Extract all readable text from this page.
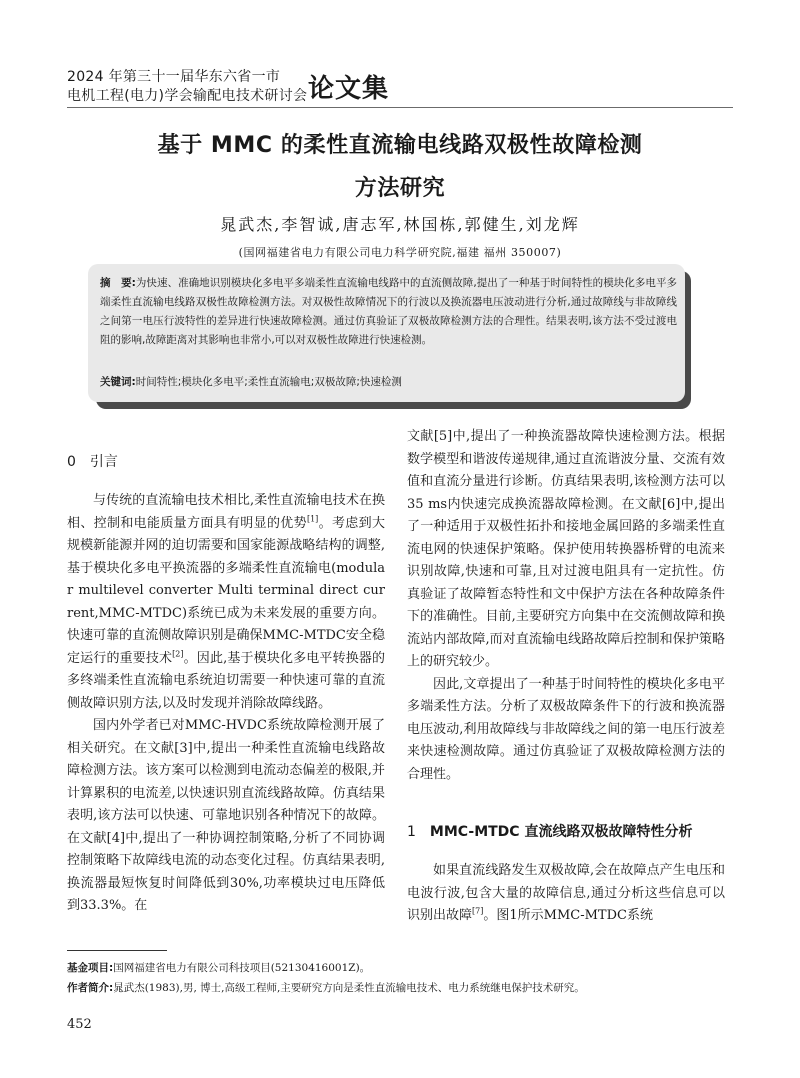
2024 年第三十一届华东六省一市
电机工程(电力)学会输配电技术研讨会 论文集
基于 MMC 的柔性直流输电线路双极性故障检测
方法研究
晁武杰,李智诚,唐志军,林国栋,郭健生,刘龙辉
(国网福建省电力有限公司电力科学研究院,福建 福州 350007)
摘　要:为快速、准确地识别模块化多电平多端柔性直流输电线路中的直流侧故障,提出了一种基于时间特性的模块化多电平多端柔性直流输电线路双极性故障检测方法。对双极性故障情况下的行波以及换流器电压波动进行分析,通过故障线与非故障线之间第一电压行波特性的差异进行快速故障检测。通过仿真验证了双极故障检测方法的合理性。结果表明,该方法不受过渡电阻的影响,故障距离对其影响也非常小,可以对双极性故障进行快速检测。
关键词:时间特性;模块化多电平;柔性直流输电;双极故障;快速检测
0 引言

与传统的直流输电技术相比,柔性直流输电技术在换相、控制和电能质量方面具有明显的优势[1]。考虑到大规模新能源并网的迫切需要和国家能源战略结构的调整,基于模块化多电平换流器的多端柔性直流输电(modular multilevel converter Multi terminal direct current,MMC-MTDC)系统已成为未来发展的重要方向。快速可靠的直流侧故障识别是确保MMC-MTDC安全稳定运行的重要技术[2]。因此,基于模块化多电平转换器的多终端柔性直流输电系统迫切需要一种快速可靠的直流侧故障识别方法,以及时发现并消除故障线路。

国内外学者已对MMC-HVDC系统故障检测开展了相关研究。在文献[3]中,提出一种柔性直流输电线路故障检测方法。该方案可以检测到电流动态偏差的极限,并计算累积的电流差,以快速识别直流线路故障。仿真结果表明,该方法可以快速、可靠地识别各种情况下的故障。在文献[4]中,提出了一种协调控制策略,分析了不同协调控制策略下故障线电流的动态变化过程。仿真结果表明,换流器最短恢复时间降低到30%,功率模块过电压降低到33.3%。在

文献[5]中,提出了一种换流器故障快速检测方法。根据数学模型和谐波传递规律,通过直流谐波分量、交流有效值和直流分量进行诊断。仿真结果表明,该检测方法可以35 ms内快速完成换流器故障检测。在文献[6]中,提出了一种适用于双极性拓扑和接地金属回路的多端柔性直流电网的快速保护策略。保护使用转换器桥臂的电流来识别故障,快速和可靠,且对过渡电阻具有一定抗性。仿真验证了故障暂态特性和文中保护方法在各种故障条件下的准确性。目前,主要研究方向集中在交流侧故障和换流站内部故障,而对直流输电线路故障后控制和保护策略上的研究较少。

因此,文章提出了一种基于时间特性的模块化多电平多端柔性方法。分析了双极故障条件下的行波和换流器电压波动,利用故障线与非故障线之间的第一电压行波差来快速检测故障。通过仿真验证了双极故障检测方法的合理性。

1 MMC-MTDC 直流线路双极故障特性分析

如果直流线路发生双极故障,会在故障点产生电压和电波行波,包含大量的故障信息,通过分析这些信息可以识别出故障[7]。图1所示MMC-MTDC系统

基金项目:国网福建省电力有限公司科技项目(52130416001Z)。
作者简介:晁武杰(1983),男, 博士,高级工程师,主要研究方向是柔性直流输电技术、电力系统继电保护技术研究。
452
